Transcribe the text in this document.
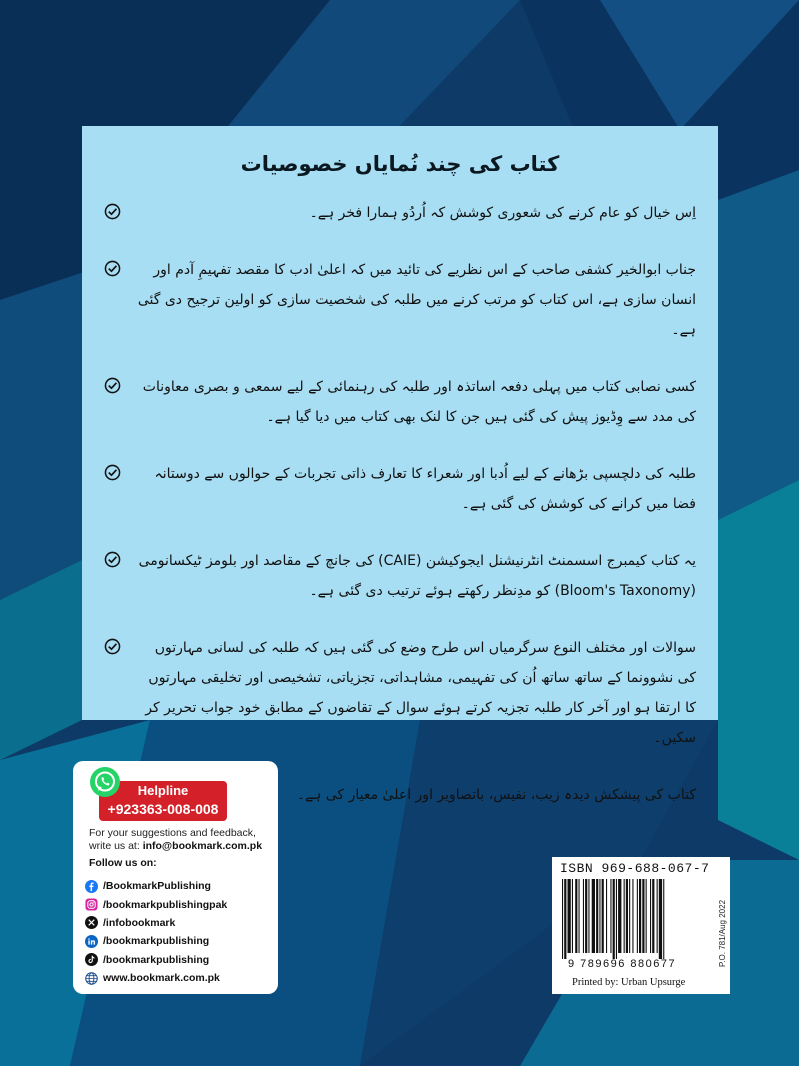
کتاب کی چند نُمایاں خصوصیات
اِس خیال کو عام کرنے کی شعوری کوشش کہ اُردُو ہمارا فخر ہے۔
جناب ابوالخیر کشفی صاحب کے اس نظریے کی تائید میں کہ اعلیٰ ادب کا مقصد تفہیمِ آدم اور انسان سازی ہے، اس کتاب کو مرتب کرنے میں طلبہ کی شخصیت سازی کو اولین ترجیح دی گئی ہے۔
کسی نصابی کتاب میں پہلی دفعہ اساتذہ اور طلبہ کی رہنمائی کے لیے سمعی و بصری معاونات کی مدد سے وِڈیوز پیش کی گئی ہیں جن کا لنک بھی کتاب میں دیا گیا ہے۔
طلبہ کی دلچسپی بڑھانے کے لیے اُدبا اور شعراء کا تعارف ذاتی تجربات کے حوالوں سے دوستانہ فضا میں کرانے کی کوشش کی گئی ہے۔
یہ کتاب کیمبرج اسسمنٹ انٹرنیشنل ایجوکیشن (CAIE) کی جانچ کے مقاصد اور بلومز ٹیکسانومی (Bloom's Taxonomy) کو مدِنظر رکھتے ہوئے ترتیب دی گئی ہے۔
سوالات اور مختلف النوع سرگرمیاں اس طرح وضع کی گئی ہیں کہ طلبہ کی لسانی مہارتوں کی نشوونما کے ساتھ ساتھ اُن کی تفہیمی، مشاہداتی، تجزیاتی، تشخیصی اور تخلیقی مہارتوں کا ارتقا ہو اور آخر کار طلبہ تجزیہ کرتے ہوئے سوال کے تقاضوں کے مطابق خود جواب تحریر کر سکیں۔
کتاب کی پیشکش دیدہ زیب، نفیس، باتصاویر اور اعلیٰ معیار کی ہے۔
Helpline
+923363-008-008
For your suggestions and feedback,
write us at: info@bookmark.com.pk
Follow us on:
/BookmarkPublishing
/bookmarkpublishingpak
/infobookmark
/bookmarkpublishing
/bookmarkpublishing
www.bookmark.com.pk
ISBN 969-688-067-7
9 789696 880677
Printed by: Urban Upsurge
P.O. 781/Aug 2022
